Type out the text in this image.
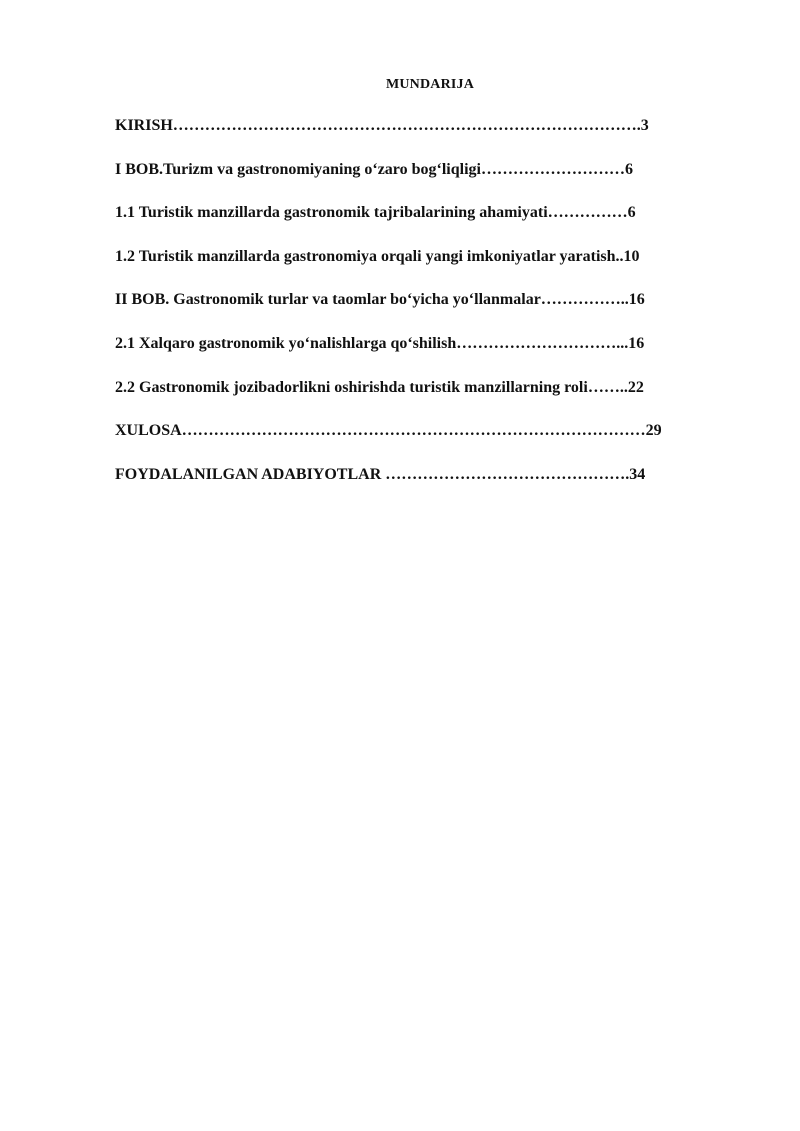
MUNDARIJA
KIRISH…………………………………………………………………………….3
I BOB.Turizm va gastronomiyaning o‘zaro bog‘liqligi………………………6
1.1 Turistik manzillarda gastronomik tajribalarining ahamiyati……………6
1.2 Turistik manzillarda gastronomiya orqali yangi imkoniyatlar yaratish..10
II BOB. Gastronomik turlar va taomlar bo‘yicha yo‘llanmalar……………..16
2.1 Xalqaro gastronomik yo‘nalishlarga qo‘shilish…………………………...16
2.2 Gastronomik jozibadorlikni oshirishda turistik manzillarning roli……..22
XULOSA……………………………………………………………………………29
FOYDALANILGAN ADABIYOTLAR ……………………………………….34
